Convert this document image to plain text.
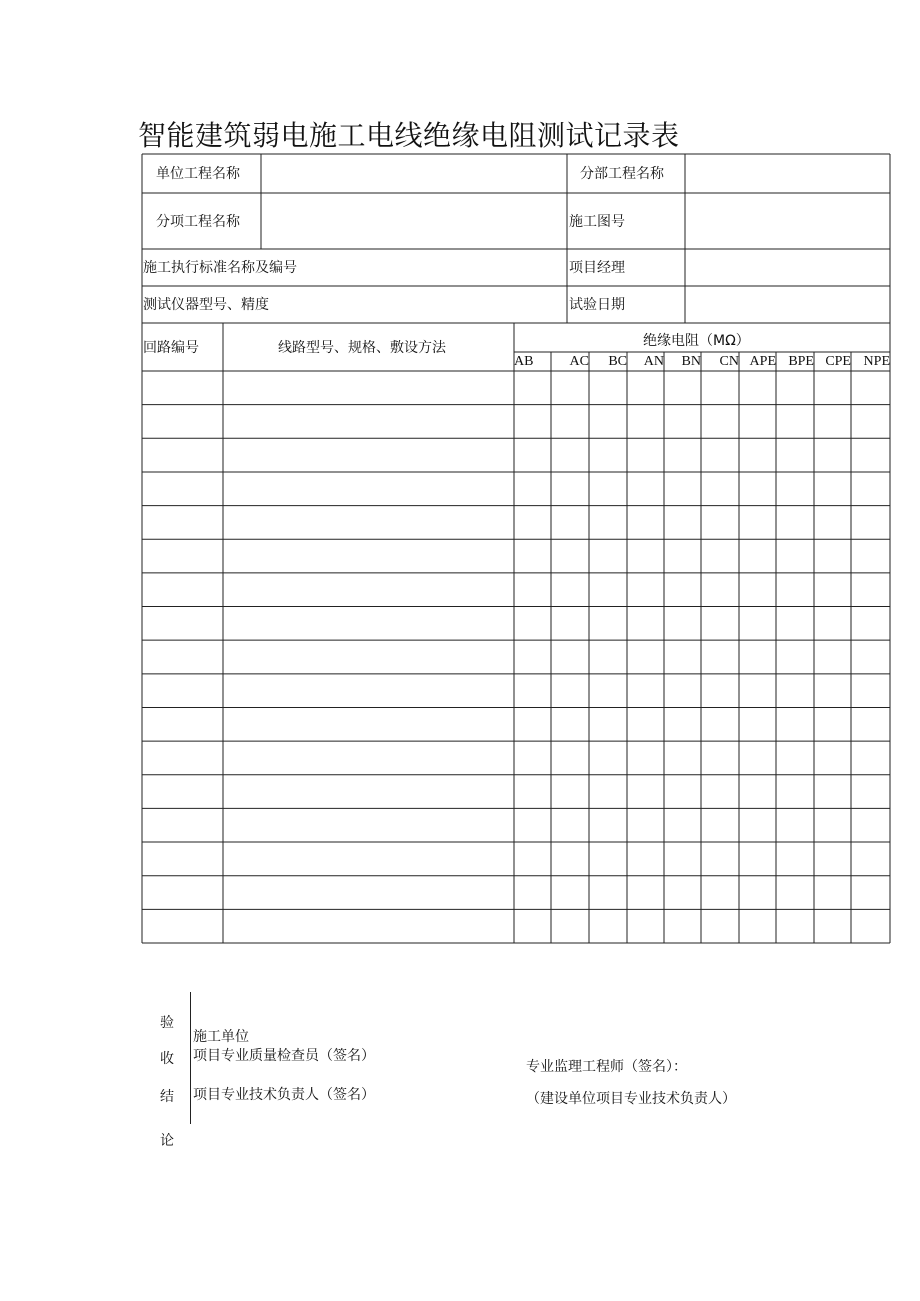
智能建筑弱电施工电线绝缘电阻测试记录表
单位工程名称	分部工程名称
分项工程名称	施工图号
施工执行标准名称及编号	项目经理
测试仪器型号、精度	试验日期
回路编号	线路型号、规格、敷设方法	绝缘电阻（MΩ）
AB	AC	BC	AN	BN	CN APE BPE CPE NPE
验
收
结
论
施工单位
项目专业质量检查员（签名）
项目专业技术负责人（签名）
专业监理工程师（签名）：
（建设单位项目专业技术负责人）
